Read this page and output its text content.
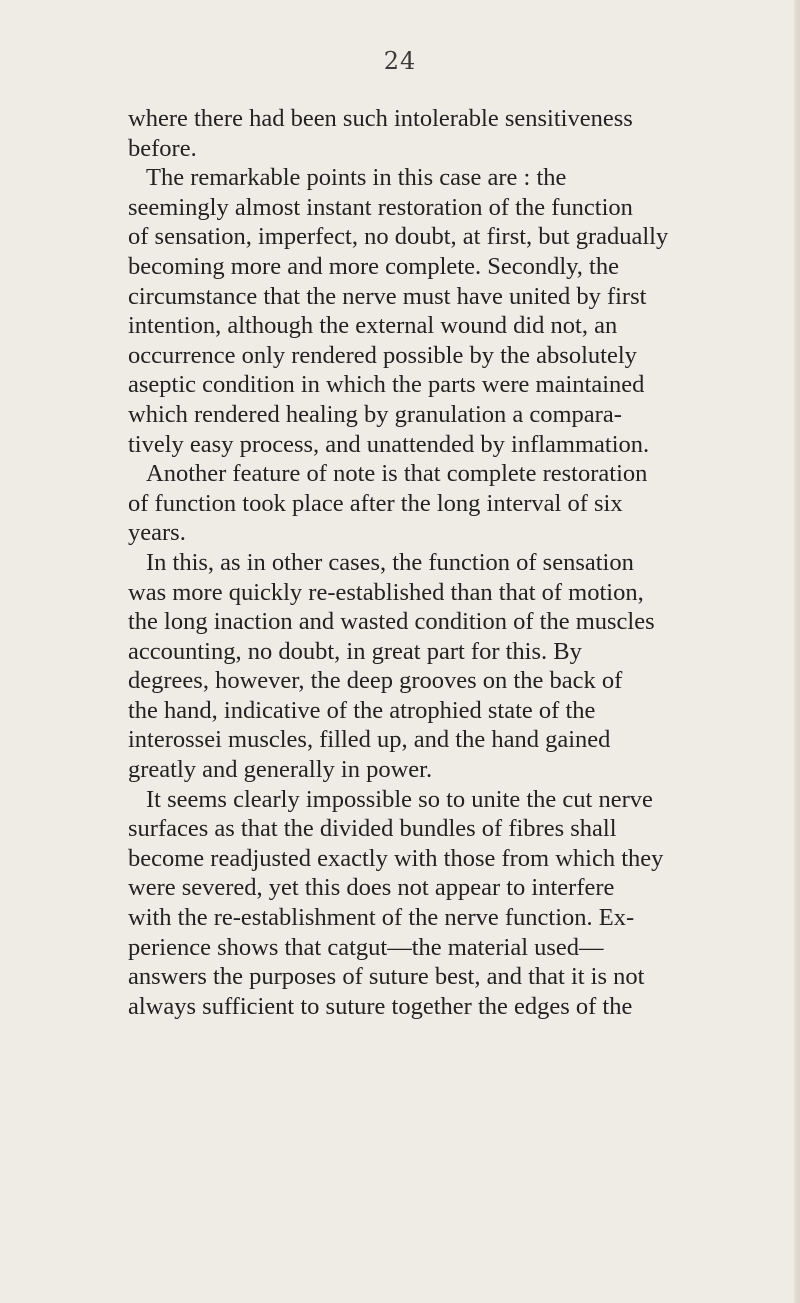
24
where there had been such intolerable sensitiveness
before.
The remarkable points in this case are : the
seemingly almost instant restoration of the function
of sensation, imperfect, no doubt, at first, but gradually
becoming more and more complete. Secondly, the
circumstance that the nerve must have united by first
intention, although the external wound did not, an
occurrence only rendered possible by the absolutely
aseptic condition in which the parts were maintained
which rendered healing by granulation a compara-
tively easy process, and unattended by inflammation.
Another feature of note is that complete restoration
of function took place after the long interval of six
years.
In this, as in other cases, the function of sensation
was more quickly re-established than that of motion,
the long inaction and wasted condition of the muscles
accounting, no doubt, in great part for this. By
degrees, however, the deep grooves on the back of
the hand, indicative of the atrophied state of the
interossei muscles, filled up, and the hand gained
greatly and generally in power.
It seems clearly impossible so to unite the cut nerve
surfaces as that the divided bundles of fibres shall
become readjusted exactly with those from which they
were severed, yet this does not appear to interfere
with the re-establishment of the nerve function. Ex-
perience shows that catgut—the material used—
answers the purposes of suture best, and that it is not
always sufficient to suture together the edges of the
